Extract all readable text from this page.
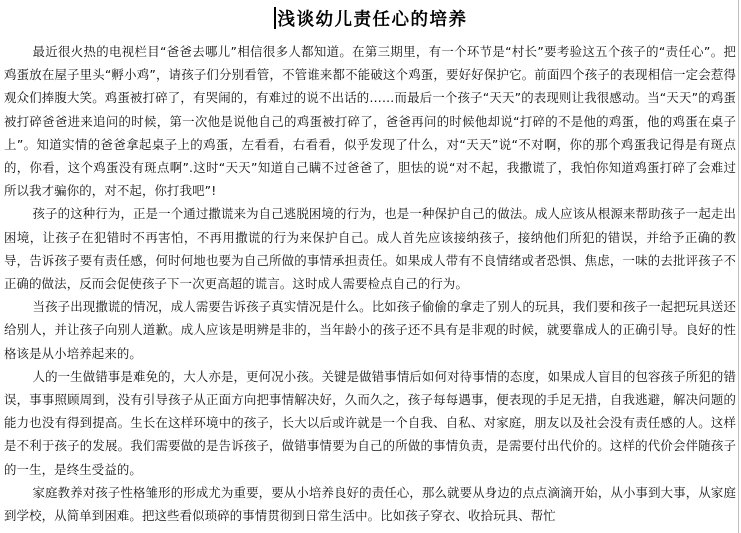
浅谈幼儿责任心的培养

最近很火热的电视栏目“爸爸去哪儿”相信很多人都知道。在第三期里，有一个环节是“村长”要考验这五个孩子的“责任心”。把鸡蛋放在屋子里头“孵小鸡”，请孩子们分别看管，不管谁来都不能破这个鸡蛋，要好好保护它。前面四个孩子的表现相信一定会惹得观众们捧腹大笑。鸡蛋被打碎了，有哭闹的，有难过的说不出话的……而最后一个孩子“天天”的表现则让我很感动。当“天天”的鸡蛋被打碎爸爸进来追问的时候，第一次他是说他自己的鸡蛋被打碎了，爸爸再问的时候他却说“打碎的不是他的鸡蛋，他的鸡蛋在桌子上”。知道实情的爸爸拿起桌子上的鸡蛋，左看看，右看看，似乎发现了什么，对“天天”说“不对啊，你的那个鸡蛋我记得是有斑点的，你看，这个鸡蛋没有斑点啊”.这时“天天”知道自己瞒不过爸爸了，胆怯的说“对不起，我撒谎了，我怕你知道鸡蛋打碎了会难过所以我才骗你的，对不起，你打我吧”!

孩子的这种行为，正是一个通过撒谎来为自己逃脱困境的行为，也是一种保护自己的做法。成人应该从根源来帮助孩子一起走出困境，让孩子在犯错时不再害怕，不再用撒谎的行为来保护自己。成人首先应该接纳孩子，接纳他们所犯的错误，并给予正确的教导，告诉孩子要有责任感，何时何地也要为自己所做的事情承担责任。如果成人带有不良情绪或者恐惧、焦虑，一味的去批评孩子不正确的做法，反而会促使孩子下一次更高超的谎言。这时成人需要检点自己的行为。

当孩子出现撒谎的情况，成人需要告诉孩子真实情况是什么。比如孩子偷偷的拿走了别人的玩具，我们要和孩子一起把玩具送还给别人，并让孩子向别人道歉。成人应该是明辨是非的，当年龄小的孩子还不具有是非观的时候，就要靠成人的正确引导。良好的性格该是从小培养起来的。

人的一生做错事是难免的，大人亦是，更何况小孩。关键是做错事情后如何对待事情的态度，如果成人盲目的包容孩子所犯的错误，事事照顾周到，没有引导孩子从正面方向把事情解决好，久而久之，孩子每每遇事，便表现的手足无措，自我逃避，解决问题的能力也没有得到提高。生长在这样环境中的孩子，长大以后或许就是一个自我、自私、对家庭，朋友以及社会没有责任感的人。这样是不利于孩子的发展。我们需要做的是告诉孩子，做错事情要为自己的所做的事情负责，是需要付出代价的。这样的代价会伴随孩子的一生，是终生受益的。

家庭教养对孩子性格雏形的形成尤为重要，要从小培养良好的责任心，那么就要从身边的点点滴滴开始，从小事到大事，从家庭到学校，从简单到困难。把这些看似琐碎的事情贯彻到日常生活中。比如孩子穿衣、收拾玩具、帮忙
